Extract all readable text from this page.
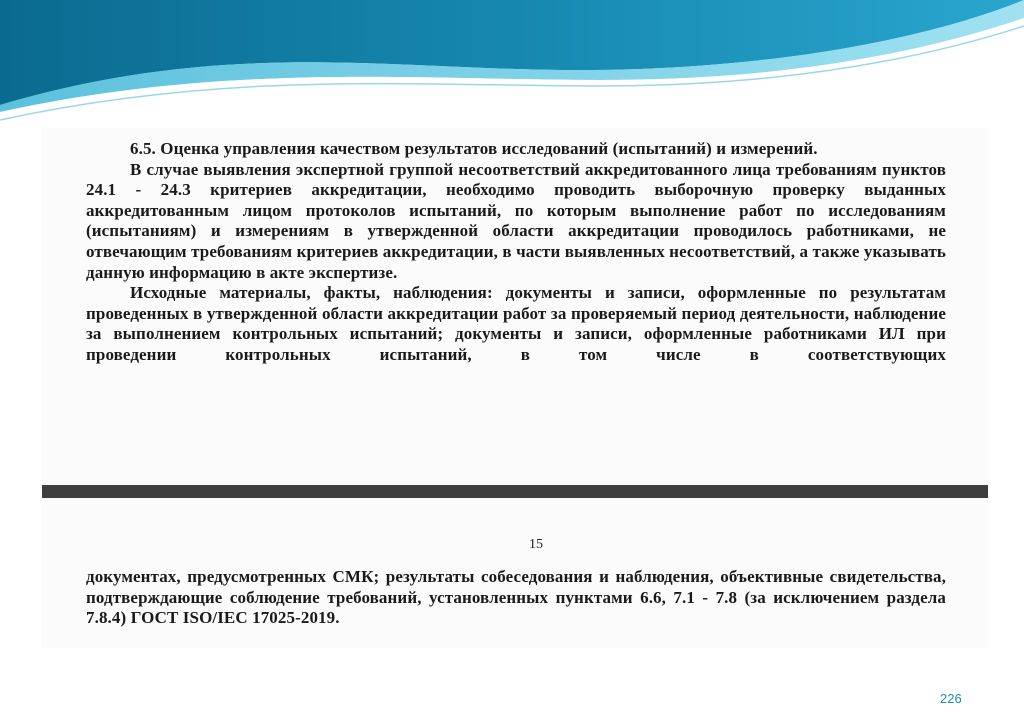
6.5. Оценка управления качеством результатов исследований (испытаний) и измерений.

В случае выявления экспертной группой несоответствий аккредитованного лица требованиям пунктов 24.1 - 24.3 критериев аккредитации, необходимо проводить выборочную проверку выданных аккредитованным лицом протоколов испытаний, по которым выполнение работ по исследованиям (испытаниям) и измерениям в утвержденной области аккредитации проводилось работниками, не отвечающим требованиям критериев аккредитации, в части выявленных несоответствий, а также указывать данную информацию в акте экспертизе.

Исходные материалы, факты, наблюдения: документы и записи, оформленные по результатам проведенных в утвержденной области аккредитации работ за проверяемый период деятельности, наблюдение за выполнением контрольных испытаний; документы и записи, оформленные работниками ИЛ при проведении контрольных испытаний, в том числе в соответствующих

15

документах, предусмотренных СМК; результаты собеседования и наблюдения, объективные свидетельства, подтверждающие соблюдение требований, установленных пунктами 6.6, 7.1 - 7.8 (за исключением раздела 7.8.4) ГОСТ ISO/IEC 17025-2019.

226
